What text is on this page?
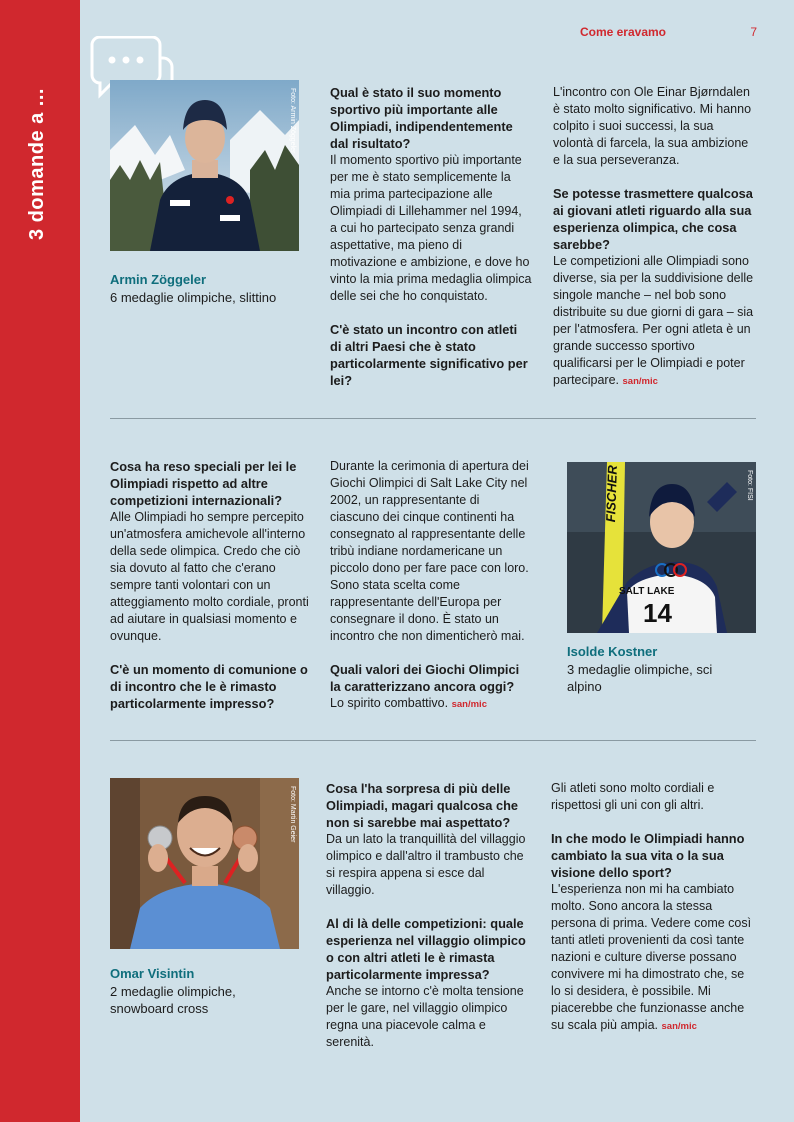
3 domande a ...
Come eravamo	7
Foto: Armin Zöggeler
Armin Zöggeler
6 medaglie olimpiche, slittino
Qual è stato il suo momento sportivo più importante alle Olimpiadi, indipendentemente dal risultato?
Il momento sportivo più importante per me è stato semplicemente la mia prima partecipazione alle Olimpiadi di Lillehammer nel 1994, a cui ho partecipato senza grandi aspettative, ma pieno di motivazione e ambizione, e dove ho vinto la mia prima medaglia olimpica delle sei che ho conquistato.
C'è stato un incontro con atleti di altri Paesi che è stato particolarmente significativo per lei?
L'incontro con Ole Einar Bjørndalen è stato molto significativo. Mi hanno colpito i suoi successi, la sua volontà di farcela, la sua ambizione e la sua perseveranza.
Se potesse trasmettere qualcosa ai giovani atleti riguardo alla sua esperienza olimpica, che cosa sarebbe?
Le competizioni alle Olimpiadi sono diverse, sia per la suddivisione delle singole manche – nel bob sono distribuite su due giorni di gara – sia per l'atmosfera. Per ogni atleta è un grande successo sportivo qualificarsi per le Olimpiadi e poter partecipare. san/mic
Cosa ha reso speciali per lei le Olimpiadi rispetto ad altre competizioni internazionali?
Alle Olimpiadi ho sempre percepito un'atmosfera amichevole all'interno della sede olimpica. Credo che ciò sia dovuto al fatto che c'erano sempre tanti volontari con un atteggiamento molto cordiale, pronti ad aiutare in qualsiasi momento e ovunque.
C'è un momento di comunione o di incontro che le è rimasto particolarmente impresso?
Durante la cerimonia di apertura dei Giochi Olimpici di Salt Lake City nel 2002, un rappresentante di ciascuno dei cinque continenti ha consegnato al rappresentante delle tribù indiane nordamericane un piccolo dono per fare pace con loro. Sono stata scelta come rappresentante dell'Europa per consegnare il dono. È stato un incontro che non dimenticherò mai.
Quali valori dei Giochi Olimpici la caratterizzano ancora oggi?
Lo spirito combattivo. san/mic
SALT LAKE
14
FISCHER	Foto: FISI
Isolde Kostner
3 medaglie olimpiche, sci alpino
Foto: Martin Geier
Omar Visintin
2 medaglie olimpiche, snowboard cross
Cosa l'ha sorpresa di più delle Olimpiadi, magari qualcosa che non si sarebbe mai aspettato?
Da un lato la tranquillità del villaggio olimpico e dall'altro il trambusto che si respira appena si esce dal villaggio.
Al di là delle competizioni: quale esperienza nel villaggio olimpico o con altri atleti le è rimasta particolarmente impressa?
Anche se intorno c'è molta tensione per le gare, nel villaggio olimpico regna una piacevole calma e serenità.
Gli atleti sono molto cordiali e rispettosi gli uni con gli altri.
In che modo le Olimpiadi hanno cambiato la sua vita o la sua visione dello sport?
L'esperienza non mi ha cambiato molto. Sono ancora la stessa persona di prima. Vedere come così tanti atleti provenienti da così tante nazioni e culture diverse possano convivere mi ha dimostrato che, se lo si desidera, è possibile. Mi piacerebbe che funzionasse anche su scala più ampia. san/mic
